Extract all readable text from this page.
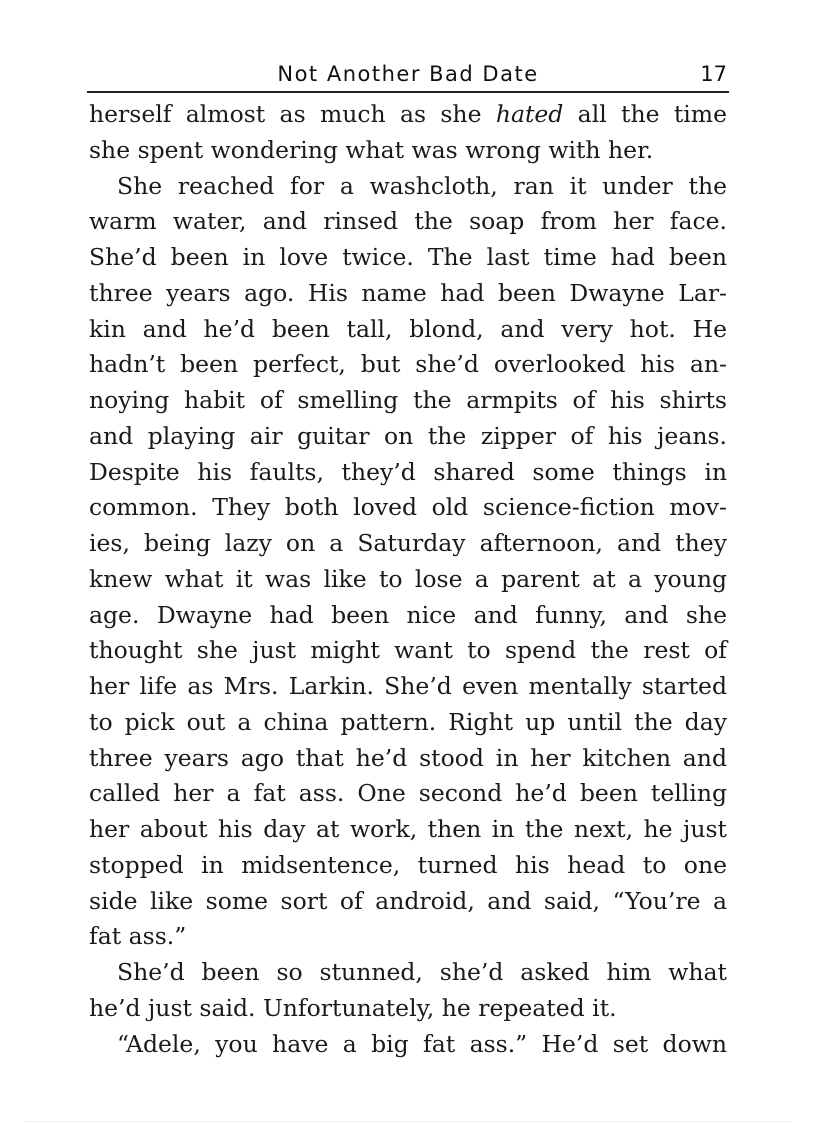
Not Another Bad Date	17
herself almost as much as she hated all the time
she spent wondering what was wrong with her.
She reached for a washcloth, ran it under the
warm water, and rinsed the soap from her face.
She’d been in love twice. The last time had been
three years ago. His name had been Dwayne Lar-
kin and he’d been tall, blond, and very hot. He
hadn’t been perfect, but she’d overlooked his an-
noying habit of smelling the armpits of his shirts
and playing air guitar on the zipper of his jeans.
Despite his faults, they’d shared some things in
common. They both loved old science-fiction mov-
ies, being lazy on a Saturday afternoon, and they
knew what it was like to lose a parent at a young
age. Dwayne had been nice and funny, and she
thought she just might want to spend the rest of
her life as Mrs. Larkin. She’d even mentally started
to pick out a china pattern. Right up until the day
three years ago that he’d stood in her kitchen and
called her a fat ass. One second he’d been telling
her about his day at work, then in the next, he just
stopped in midsentence, turned his head to one
side like some sort of android, and said, “You’re a
fat ass.”
She’d been so stunned, she’d asked him what
he’d just said. Unfortunately, he repeated it.
“Adele, you have a big fat ass.” He’d set down
